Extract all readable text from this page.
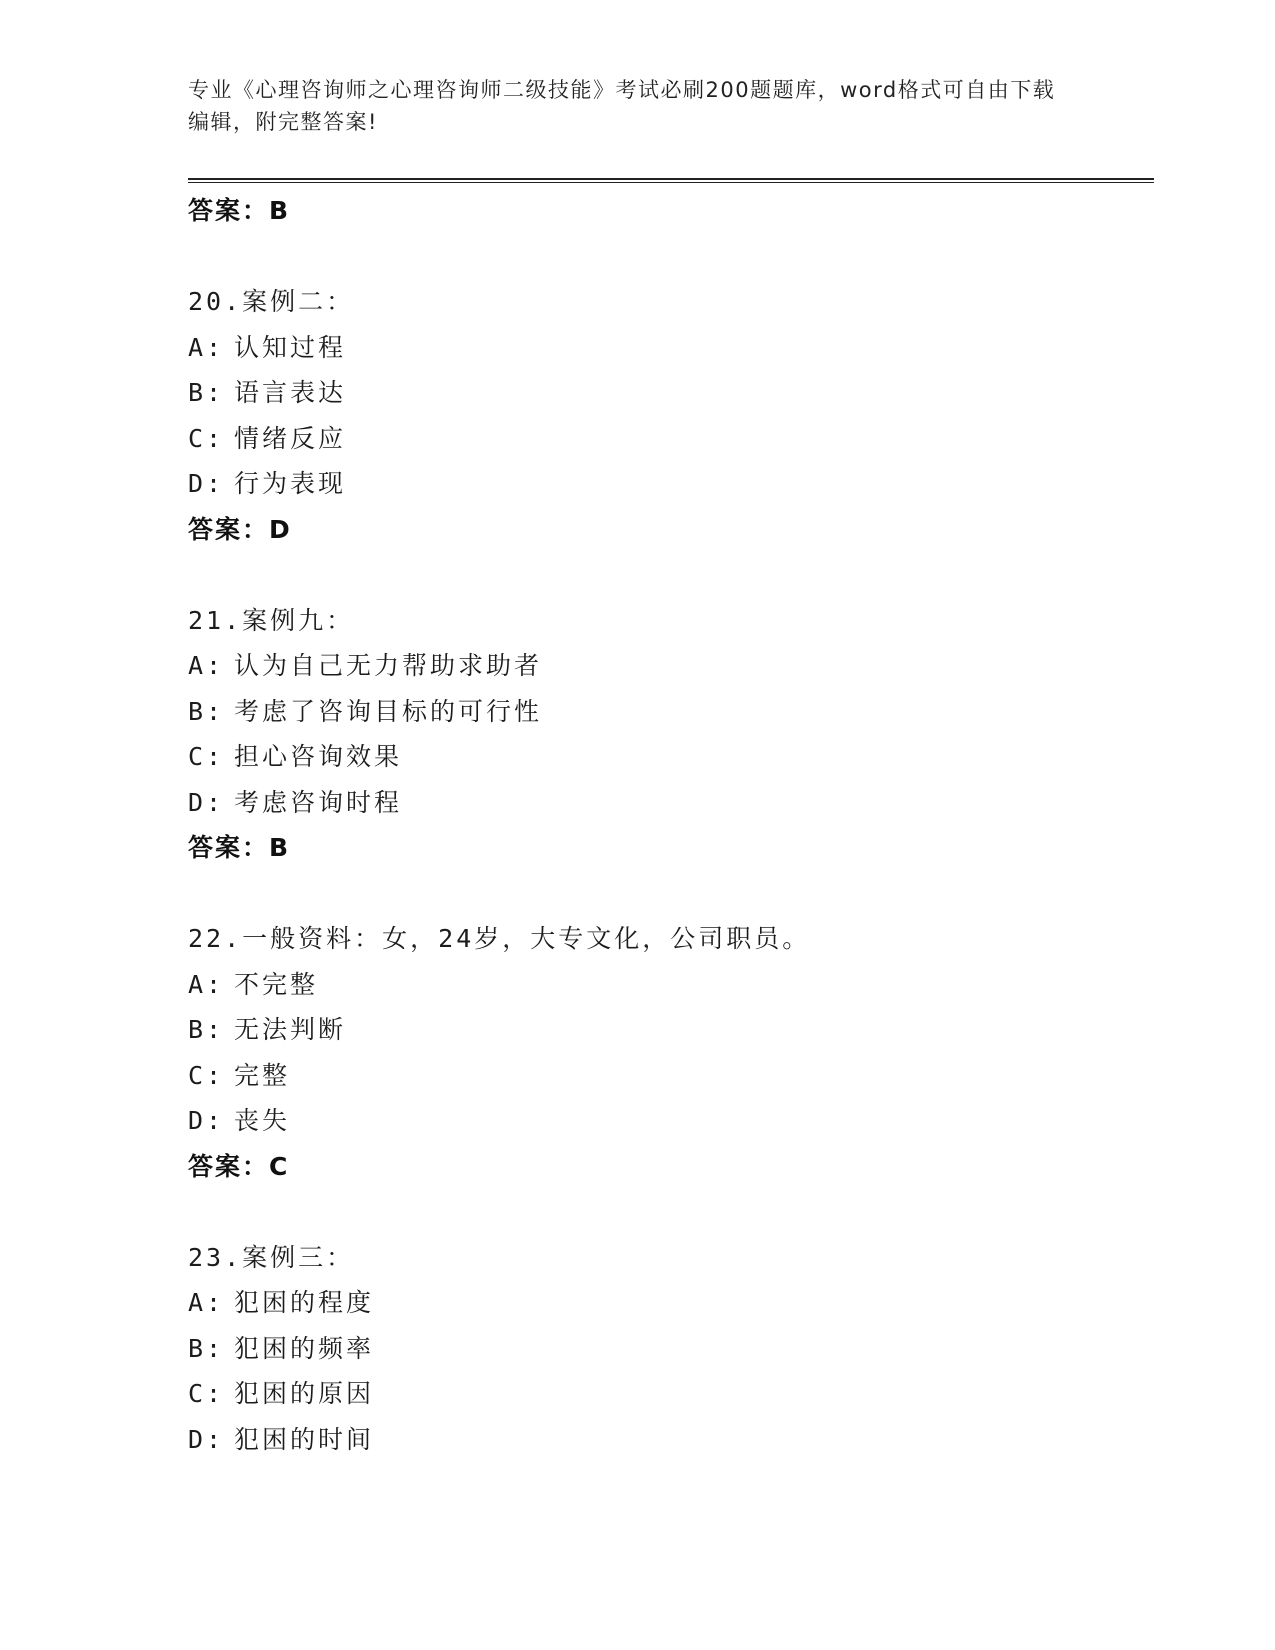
专业《心理咨询师之心理咨询师二级技能》考试必刷200题题库，word格式可自由下载编辑，附完整答案!
答案：B
20.案例二：
A: 认知过程
B: 语言表达
C: 情绪反应
D: 行为表现
答案：D
21.案例九：
A: 认为自己无力帮助求助者
B: 考虑了咨询目标的可行性
C: 担心咨询效果
D: 考虑咨询时程
答案：B
22.一般资料：女，24岁，大专文化，公司职员。
A: 不完整
B: 无法判断
C: 完整
D: 丧失
答案：C
23.案例三：
A: 犯困的程度
B: 犯困的频率
C: 犯困的原因
D: 犯困的时间
